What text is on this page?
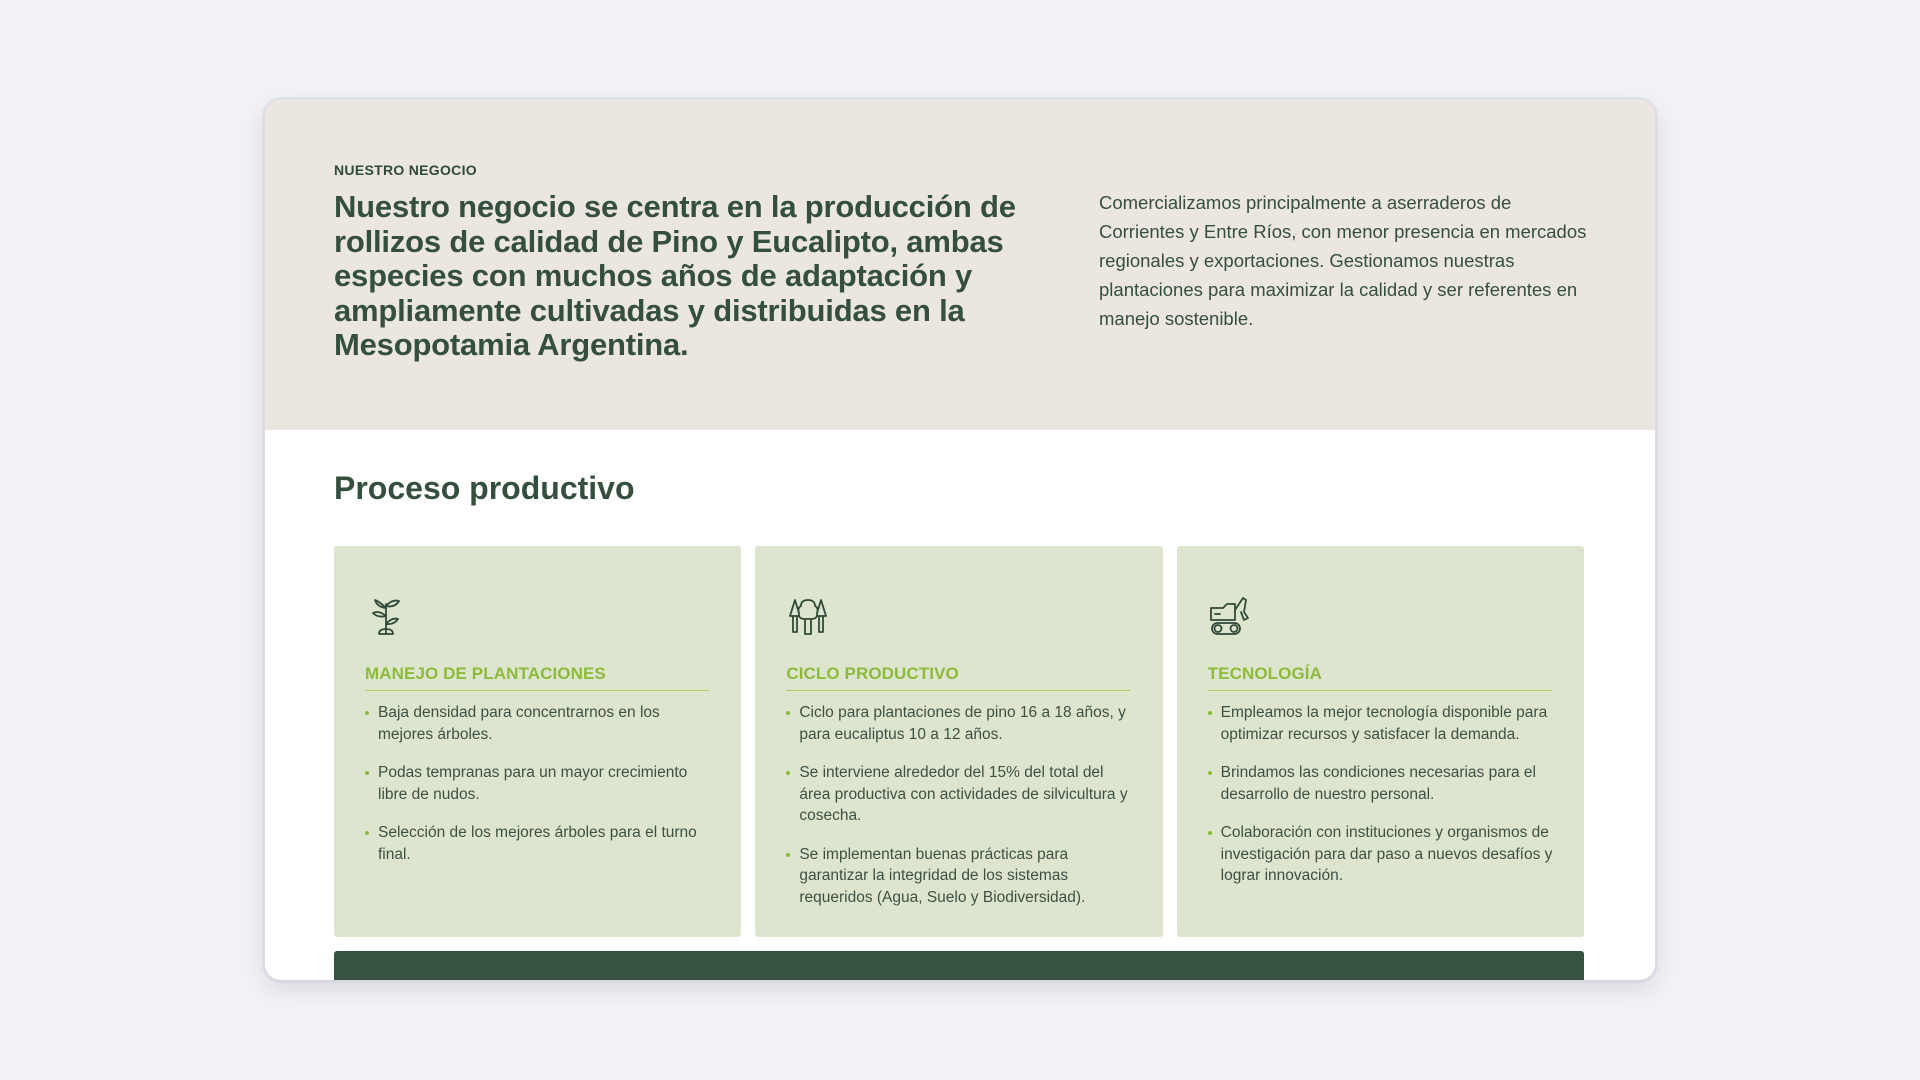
NUESTRO NEGOCIO
Nuestro negocio se centra en la producción de rollizos de calidad de Pino y Eucalipto, ambas especies con muchos años de adaptación y ampliamente cultivadas y distribuidas en la Mesopotamia Argentina.

Comercializamos principalmente a aserraderos de Corrientes y Entre Ríos, con menor presencia en mercados regionales y exportaciones. Gestionamos nuestras plantaciones para maximizar la calidad y ser referentes en manejo sostenible.

Proceso productivo
MANEJO DE PLANTACIONES
Baja densidad para concentrarnos en los mejores árboles.
Podas tempranas para un mayor crecimiento libre de nudos.
Selección de los mejores árboles para el turno final.
CICLO PRODUCTIVO
Ciclo para plantaciones de pino 16 a 18 años, y para eucaliptus 10 a 12 años.
Se interviene alrededor del 15% del total del área productiva con actividades de silvicultura y cosecha.
Se implementan buenas prácticas para garantizar la integridad de los sistemas requeridos (Agua, Suelo y Biodiversidad).
TECNOLOGÍA
Empleamos la mejor tecnología disponible para optimizar recursos y satisfacer la demanda.
Brindamos las condiciones necesarias para el desarrollo de nuestro personal.
Colaboración con instituciones y organismos de investigación para dar paso a nuevos desafíos y lograr innovación.
